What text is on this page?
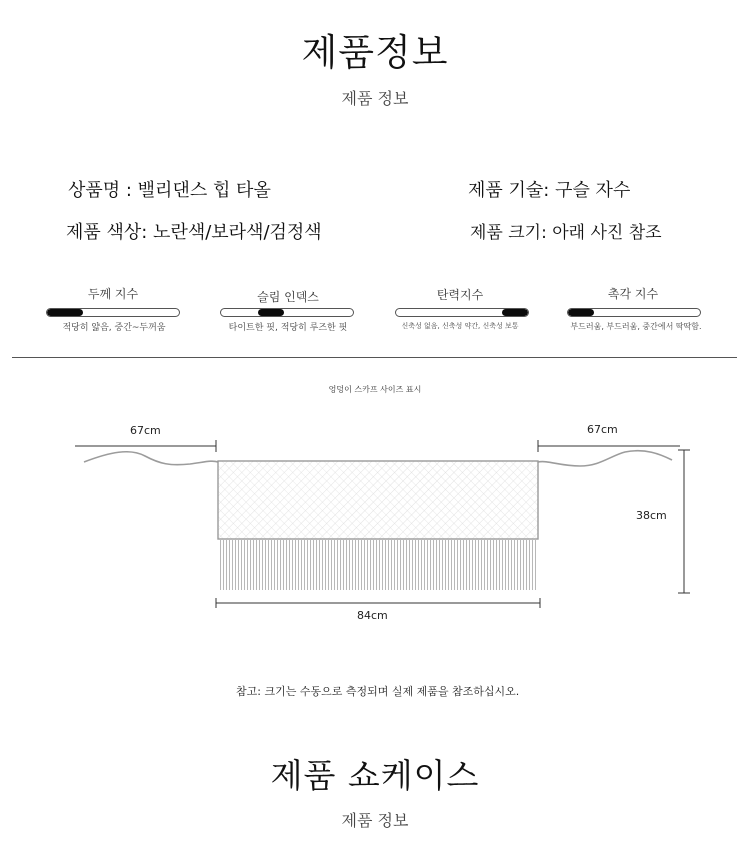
제품정보
제품 정보
상품명 : 밸리댄스 힙 타올	제품 기술: 구슬 자수
제품 색상: 노란색/보라색/검정색	제품 크기: 아래 사진 참조
두께 지수
적당히 얇음, 중간~두꺼움
슬림 인덱스
타이트한 핏, 적당히 루즈한 핏
탄력지수
신축성 없음, 신축성 약간, 신축성 보통
촉각 지수
부드러움, 부드러움, 중간에서 딱딱함.
엉덩이 스카프 사이즈 표시
67cm	67cm
38cm
84cm
참고: 크기는 수동으로 측정되며 실제 제품을 참조하십시오.
제품 쇼케이스
제품 정보
